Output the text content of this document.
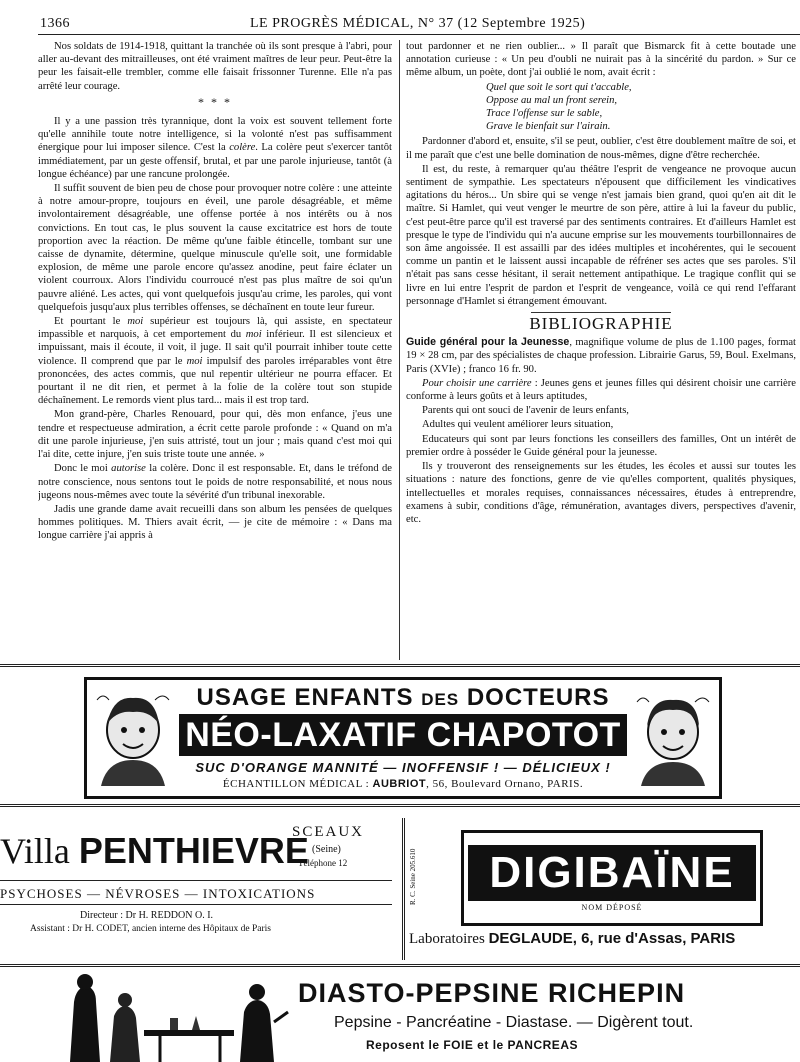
1366	LE PROGRÈS MÉDICAL, N° 37 (12 Septembre 1925)

Nos soldats de 1914-1918, quittant la tranchée où ils sont presque à l'abri, pour aller au-devant des mitrailleuses, ont été vraiment maîtres de leur peur. Peut-être la peur les faisait-elle trembler, comme elle faisait frissonner Turenne. Elle n'a pas arrêté leur courage.

* * *

Il y a une passion très tyrannique, dont la voix est souvent tellement forte qu'elle annihile toute notre intelligence, si la volonté n'est pas suffisamment énergique pour lui imposer silence. C'est la colère. La colère peut s'exercer tantôt immédiatement, par un geste offensif, brutal, et par une parole injurieuse, tantôt (à longue échéance) par une rancune prolongée.

Il suffit souvent de bien peu de chose pour provoquer notre colère : une atteinte à notre amour-propre, toujours en éveil, une parole désagréable, et même involontairement désagréable, une offense portée à nos intérêts ou à nos convictions. En tout cas, le plus souvent la cause excitatrice est hors de toute proportion avec la réaction. De même qu'une faible étincelle, tombant sur une caisse de dynamite, détermine, quelque minuscule qu'elle soit, une formidable explosion, de même une parole encore qu'assez anodine, peut faire éclater un violent courroux. Alors l'individu courroucé n'est pas plus maître de soi qu'un pauvre aliéné. Les actes, qui vont quelquefois jusqu'au crime, les paroles, qui vont quelquefois jusqu'aux plus terribles offenses, se déchaînent en toute leur fureur.

Et pourtant le moi supérieur est toujours là, qui assiste, en spectateur impassible et narquois, à cet emportement du moi inférieur. Il est silencieux et impuissant, mais il écoute, il voit, il juge. Il sait qu'il pourrait inhiber toute cette violence. Il comprend que par le moi impulsif des paroles irréparables vont être prononcées, des actes commis, que nul repentir ultérieur ne pourra effacer. Et pourtant il ne dit rien, et permet à la folie de la colère tout son stupide déchaînement. Le remords vient plus tard... mais il est trop tard.

Mon grand-père, Charles Renouard, pour qui, dès mon enfance, j'eus une tendre et respectueuse admiration, a écrit cette parole profonde : « Quand on m'a dit une parole injurieuse, j'en suis attristé, tout un jour ; mais quand c'est moi qui l'ai dite, cette injure, j'en suis triste toute une année. »

Donc le moi autorise la colère. Donc il est responsable. Et, dans le tréfond de notre conscience, nous sentons tout le poids de notre responsabilité, et nous nous jugeons nous-mêmes avec toute la sévérité d'un tribunal inexorable.

Jadis une grande dame avait recueilli dans son album les pensées de quelques hommes politiques. M. Thiers avait écrit, — je cite de mémoire : « Dans ma longue carrière j'ai appris à

tout pardonner et ne rien oublier... » Il paraît que Bismarck fit à cette boutade une annotation curieuse : « Un peu d'oubli ne nuirait pas à la sincérité du pardon. » Sur ce même album, un poète, dont j'ai oublié le nom, avait écrit :

Quel que soit le sort qui t'accable,
Oppose au mal un front serein,
Trace l'offense sur le sable,
Grave le bienfait sur l'airain.

Pardonner d'abord et, ensuite, s'il se peut, oublier, c'est être doublement maître de soi, et il me paraît que c'est une belle domination de nous-mêmes, digne d'être recherchée.

Il est, du reste, à remarquer qu'au théâtre l'esprit de vengeance ne provoque aucun sentiment de sympathie. Les spectateurs n'épousent que difficilement les vindicatives agitations du héros... Un sbire qui se venge n'est jamais bien grand, quoi qu'en ait dit le maître. Si Hamlet, qui veut venger le meurtre de son père, attire à lui la faveur du public, c'est peut-être parce qu'il est traversé par des sentiments contraires. Et d'ailleurs Hamlet est presque le type de l'individu qui n'a aucune emprise sur les mouvements tourbillonnaires de son âme angoissée. Il est assailli par des idées multiples et incohérentes, qui le secouent comme un pantin et le laissent aussi incapable de réfréner ses actes que ses paroles. S'il n'était pas sans cesse hésitant, il serait nettement antipathique. Le tragique conflit qui se livre en lui entre l'esprit de pardon et l'esprit de vengeance, voilà ce qui rend l'effarant personnage d'Hamlet si étrangement émouvant.

BIBLIOGRAPHIE

Guide général pour la Jeunesse, magnifique volume de plus de 1.100 pages, format 19 × 28 cm, par des spécialistes de chaque profession. Librairie Garus, 59, Boul. Exelmans, Paris (XVIe) ; franco 16 fr. 90.

Pour choisir une carrière : Jeunes gens et jeunes filles qui désirent choisir une carrière conforme à leurs goûts et à leurs aptitudes,

Parents qui ont souci de l'avenir de leurs enfants,

Adultes qui veulent améliorer leurs situation,

Educateurs qui sont par leurs fonctions les conseillers des familles, Ont un intérêt de premier ordre à posséder le Guide général pour la jeunesse.

Ils y trouveront des renseignements sur les études, les écoles et aussi sur toutes les situations : nature des fonctions, genre de vie qu'elles comportent, qualités physiques, intellectuelles et morales requises, connaissances nécessaires, études à entreprendre, examens à subir, conditions d'âge, rémunération, avantages divers, perspectives d'avenir, etc.

USAGE ENFANTS DES DOCTEURS
NÉO-LAXATIF CHAPOTOT
SUC D'ORANGE MANNITÉ — INOFFENSIF ! — DÉLICIEUX !
ÉCHANTILLON MÉDICAL : AUBRIOT, 56, Boulevard Ornano, PARIS.
Villa PENTHIEVRE
SCEAUX
(Seine)
Téléphone 12
PSYCHOSES — NÉVROSES — INTOXICATIONS
Directeur : Dr H. REDDON O. I.
Assistant : Dr H. CODET, ancien interne des Hôpitaux de Paris
R. C. Seine 205.610	DIGIBAÏNE
NOM DÉPOSÉ
Laboratoires DEGLAUDE, 6, rue d'Assas, PARIS
DIASTO-PEPSINE RICHEPIN
Pepsine - Pancréatine - Diastase. — Digèrent tout.
Reposent le FOIE et le PANCREAS
